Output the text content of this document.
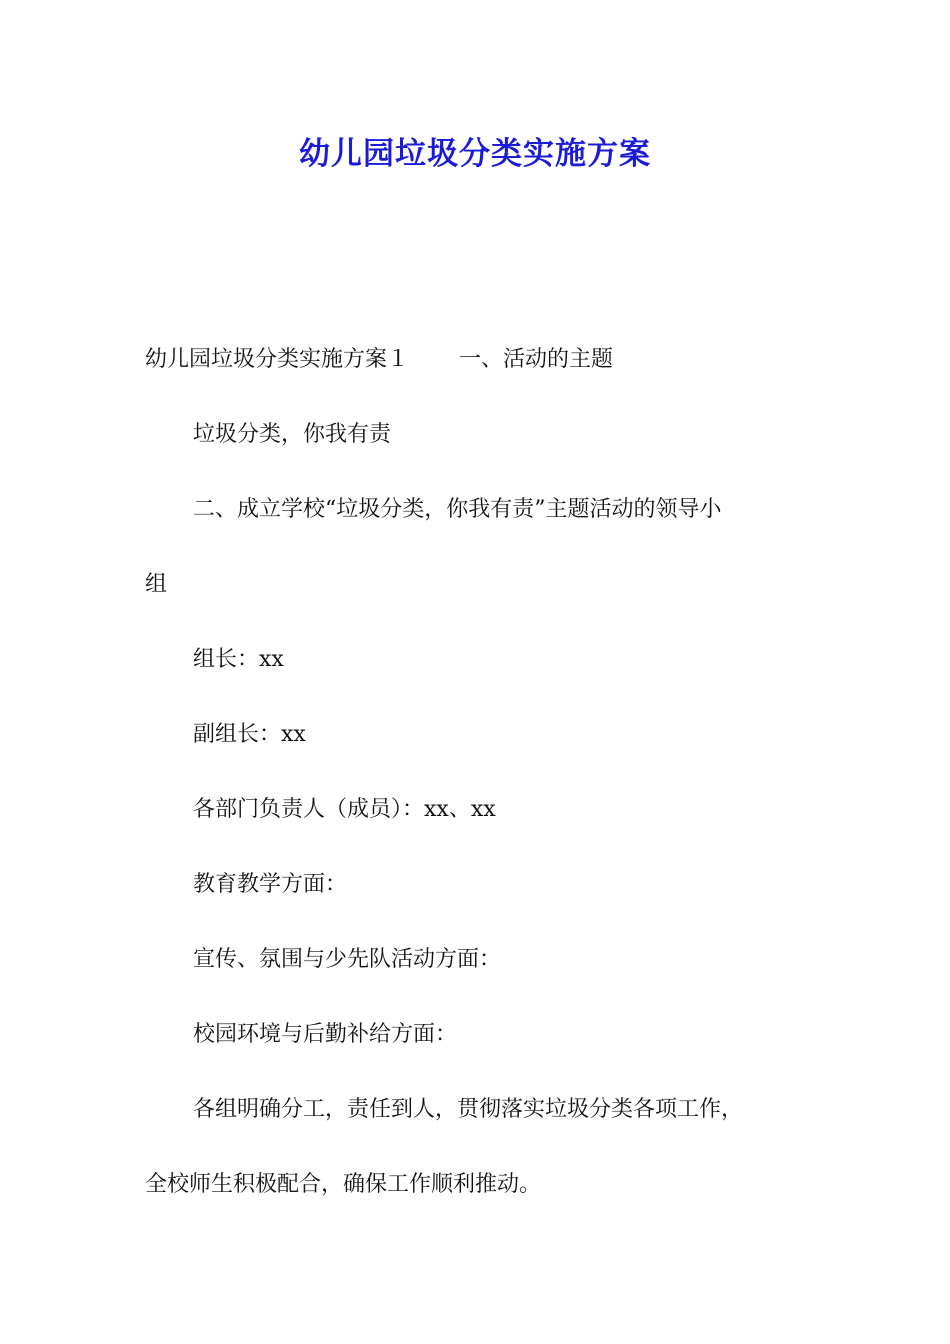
幼儿园垃圾分类实施方案

幼儿园垃圾分类实施方案１ 一、活动的主题

垃圾分类，你我有责

二、成立学校“垃圾分类，你我有责”主题活动的领导小

组

组长：xx

副组长：xx

各部门负责人（成员）：xx、xx

教育教学方面：

宣传、氛围与少先队活动方面：

校园环境与后勤补给方面：

各组明确分工，责任到人，贯彻落实垃圾分类各项工作，

全校师生积极配合，确保工作顺利推动。
